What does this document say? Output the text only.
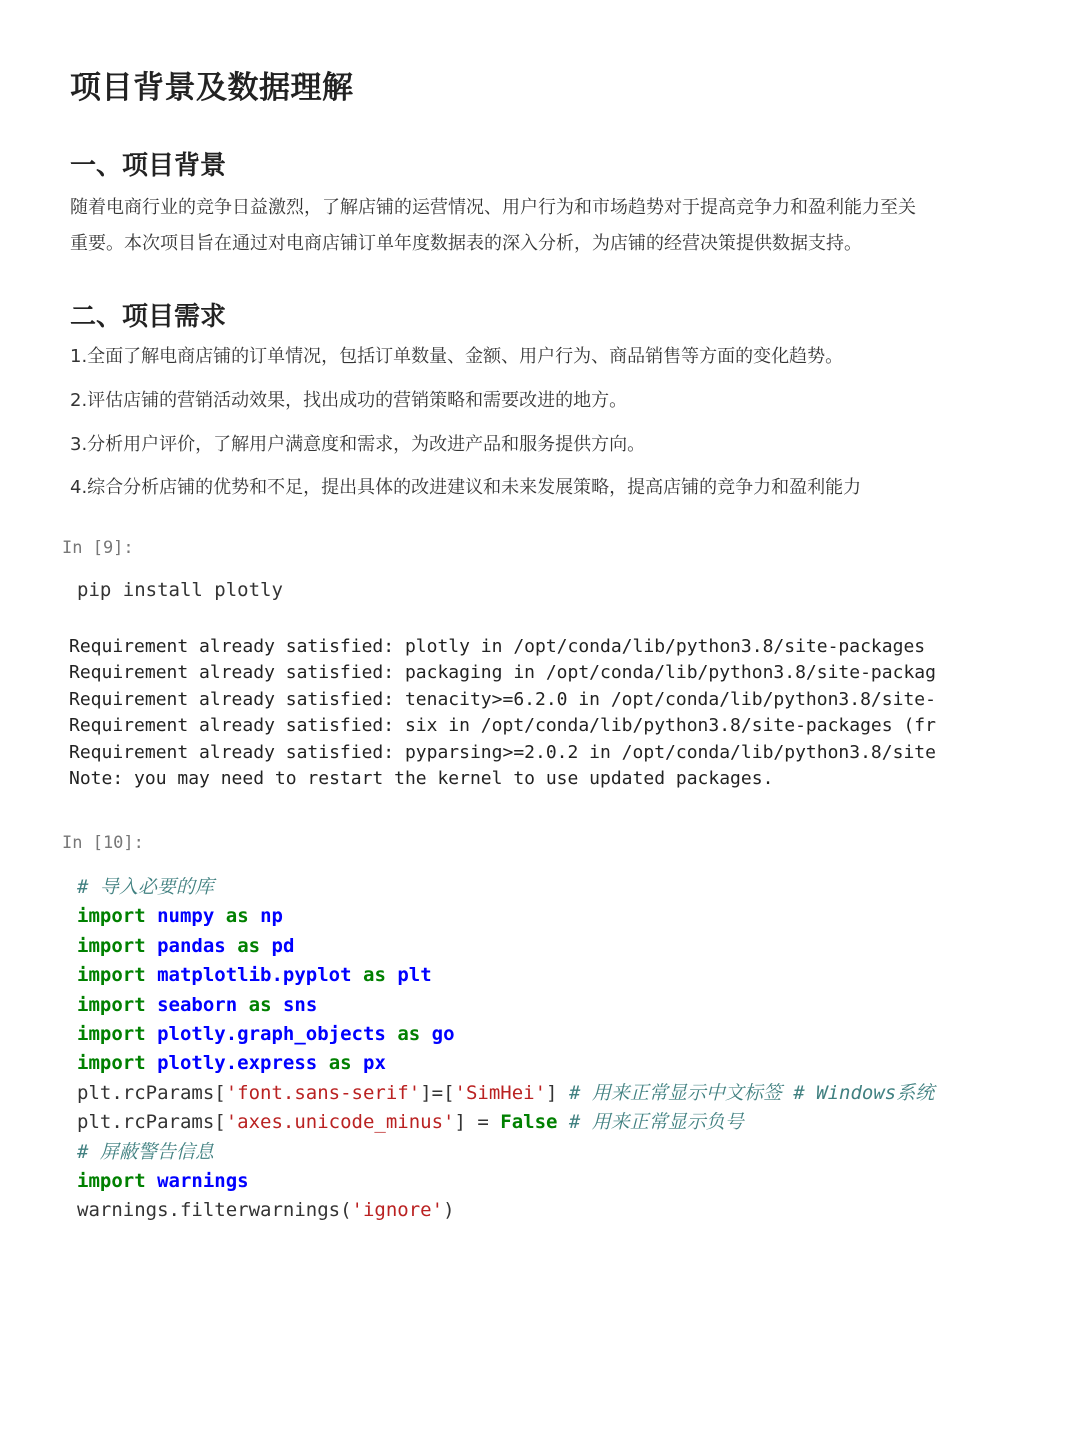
项目背景及数据理解
一、项目背景
随着电商行业的竞争日益激烈，了解店铺的运营情况、用户行为和市场趋势对于提高竞争力和盈利能力至关
重要。本次项目旨在通过对电商店铺订单年度数据表的深入分析，为店铺的经营决策提供数据支持。
二、项目需求
1.全面了解电商店铺的订单情况，包括订单数量、金额、用户行为、商品销售等方面的变化趋势。
2.评估店铺的营销活动效果，找出成功的营销策略和需要改进的地方。
3.分析用户评价，了解用户满意度和需求，为改进产品和服务提供方向。
4.综合分析店铺的优势和不足，提出具体的改进建议和未来发展策略，提高店铺的竞争力和盈利能力
In [9]:
pip install plotly
Requirement already satisfied: plotly in /opt/conda/lib/python3.8/site-packages
Requirement already satisfied: packaging in /opt/conda/lib/python3.8/site-packag
Requirement already satisfied: tenacity>=6.2.0 in /opt/conda/lib/python3.8/site-
Requirement already satisfied: six in /opt/conda/lib/python3.8/site-packages (fr
Requirement already satisfied: pyparsing>=2.0.2 in /opt/conda/lib/python3.8/site
Note: you may need to restart the kernel to use updated packages.
In [10]:
# 导入必要的库
import numpy as np
import pandas as pd
import matplotlib.pyplot as plt
import seaborn as sns
import plotly.graph_objects as go
import plotly.express as px
plt.rcParams['font.sans-serif']=['SimHei'] # 用来正常显示中文标签 # Windows系统
plt.rcParams['axes.unicode_minus'] = False # 用来正常显示负号
# 屏蔽警告信息
import warnings
warnings.filterwarnings('ignore')
